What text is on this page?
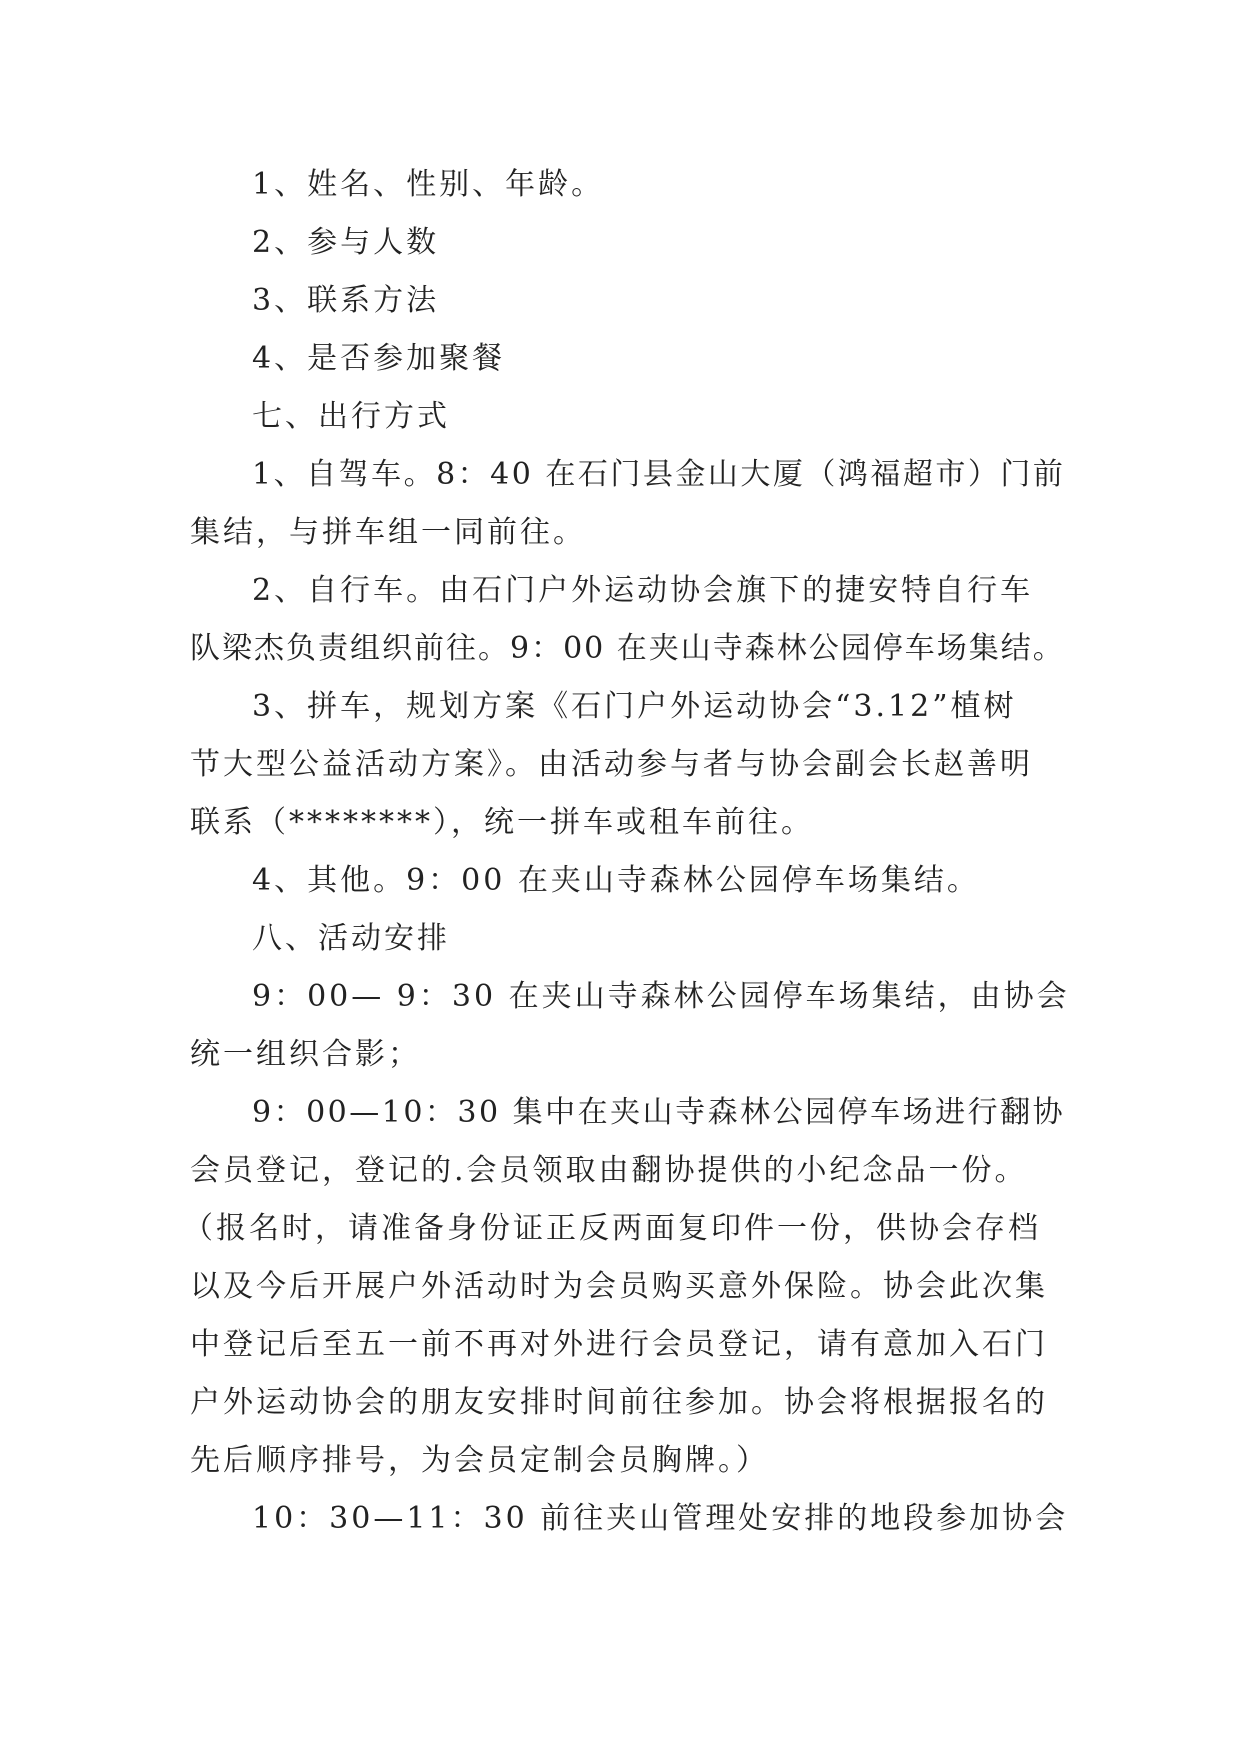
1、姓名、性别、年龄。

2、参与人数

3、联系方法

4、是否参加聚餐

七、出行方式

1、自驾车。8：40 在石门县金山大厦（鸿福超市）门前

集结，与拼车组一同前往。

2、自行车。由石门户外运动协会旗下的捷安特自行车

队梁杰负责组织前往。9：00 在夹山寺森林公园停车场集结。

3、拼车，规划方案《石门户外运动协会“3.12”植树

节大型公益活动方案》。由活动参与者与协会副会长赵善明

联系（********），统一拼车或租车前往。

4、其他。9：00 在夹山寺森林公园停车场集结。

八、活动安排

9：00— 9：30 在夹山寺森林公园停车场集结，由协会

统一组织合影；

9：00—10：30 集中在夹山寺森林公园停车场进行翻协

会员登记，登记的.会员领取由翻协提供的小纪念品一份。

（报名时，请准备身份证正反两面复印件一份，供协会存档

以及今后开展户外活动时为会员购买意外保险。协会此次集

中登记后至五一前不再对外进行会员登记，请有意加入石门

户外运动协会的朋友安排时间前往参加。协会将根据报名的

先后顺序排号，为会员定制会员胸牌。）

10：30—11：30 前往夹山管理处安排的地段参加协会
